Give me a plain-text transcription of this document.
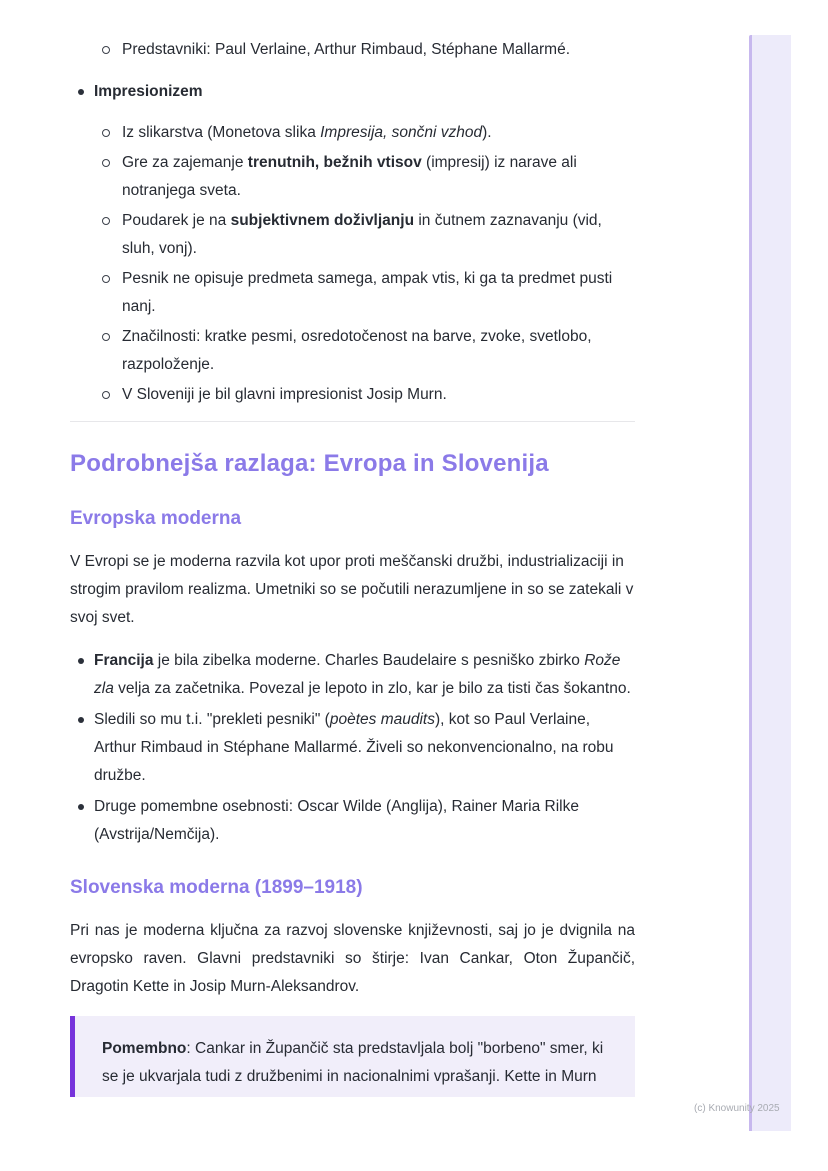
Predstavniki: Paul Verlaine, Arthur Rimbaud, Stéphane Mallarmé.
Impresionizem
Iz slikarstva (Monetova slika Impresija, sončni vzhod).
Gre za zajemanje trenutnih, bežnih vtisov (impresij) iz narave ali notranjega sveta.
Poudarek je na subjektivnem doživljanju in čutnem zaznavanju (vid, sluh, vonj).
Pesnik ne opisuje predmeta samega, ampak vtis, ki ga ta predmet pusti nanj.
Značilnosti: kratke pesmi, osredotočenost na barve, zvoke, svetlobo, razpoloženje.
V Sloveniji je bil glavni impresionist Josip Murn.
Podrobnejša razlaga: Evropa in Slovenija
Evropska moderna

V Evropi se je moderna razvila kot upor proti meščanski družbi, industrializaciji in strogim pravilom realizma. Umetniki so se počutili nerazumljene in so se zatekali v svoj svet.

Francija je bila zibelka moderne. Charles Baudelaire s pesniško zbirko Rože zla velja za začetnika. Povezal je lepoto in zlo, kar je bilo za tisti čas šokantno.
Sledili so mu t.i. "prekleti pesniki" (poètes maudits), kot so Paul Verlaine, Arthur Rimbaud in Stéphane Mallarmé. Živeli so nekonvencionalno, na robu družbe.
Druge pomembne osebnosti: Oscar Wilde (Anglija), Rainer Maria Rilke (Avstrija/Nemčija).
Slovenska moderna (1899–1918)

Pri nas je moderna ključna za razvoj slovenske književnosti, saj jo je dvignila na evropsko raven. Glavni predstavniki so štirje: Ivan Cankar, Oton Župančič, Dragotin Kette in Josip Murn-Aleksandrov.

Pomembno: Cankar in Župančič sta predstavljala bolj "borbeno" smer, ki se je ukvarjala tudi z družbenimi in nacionalnimi vprašanji. Kette in Murn

(c) Knowunity 2025
